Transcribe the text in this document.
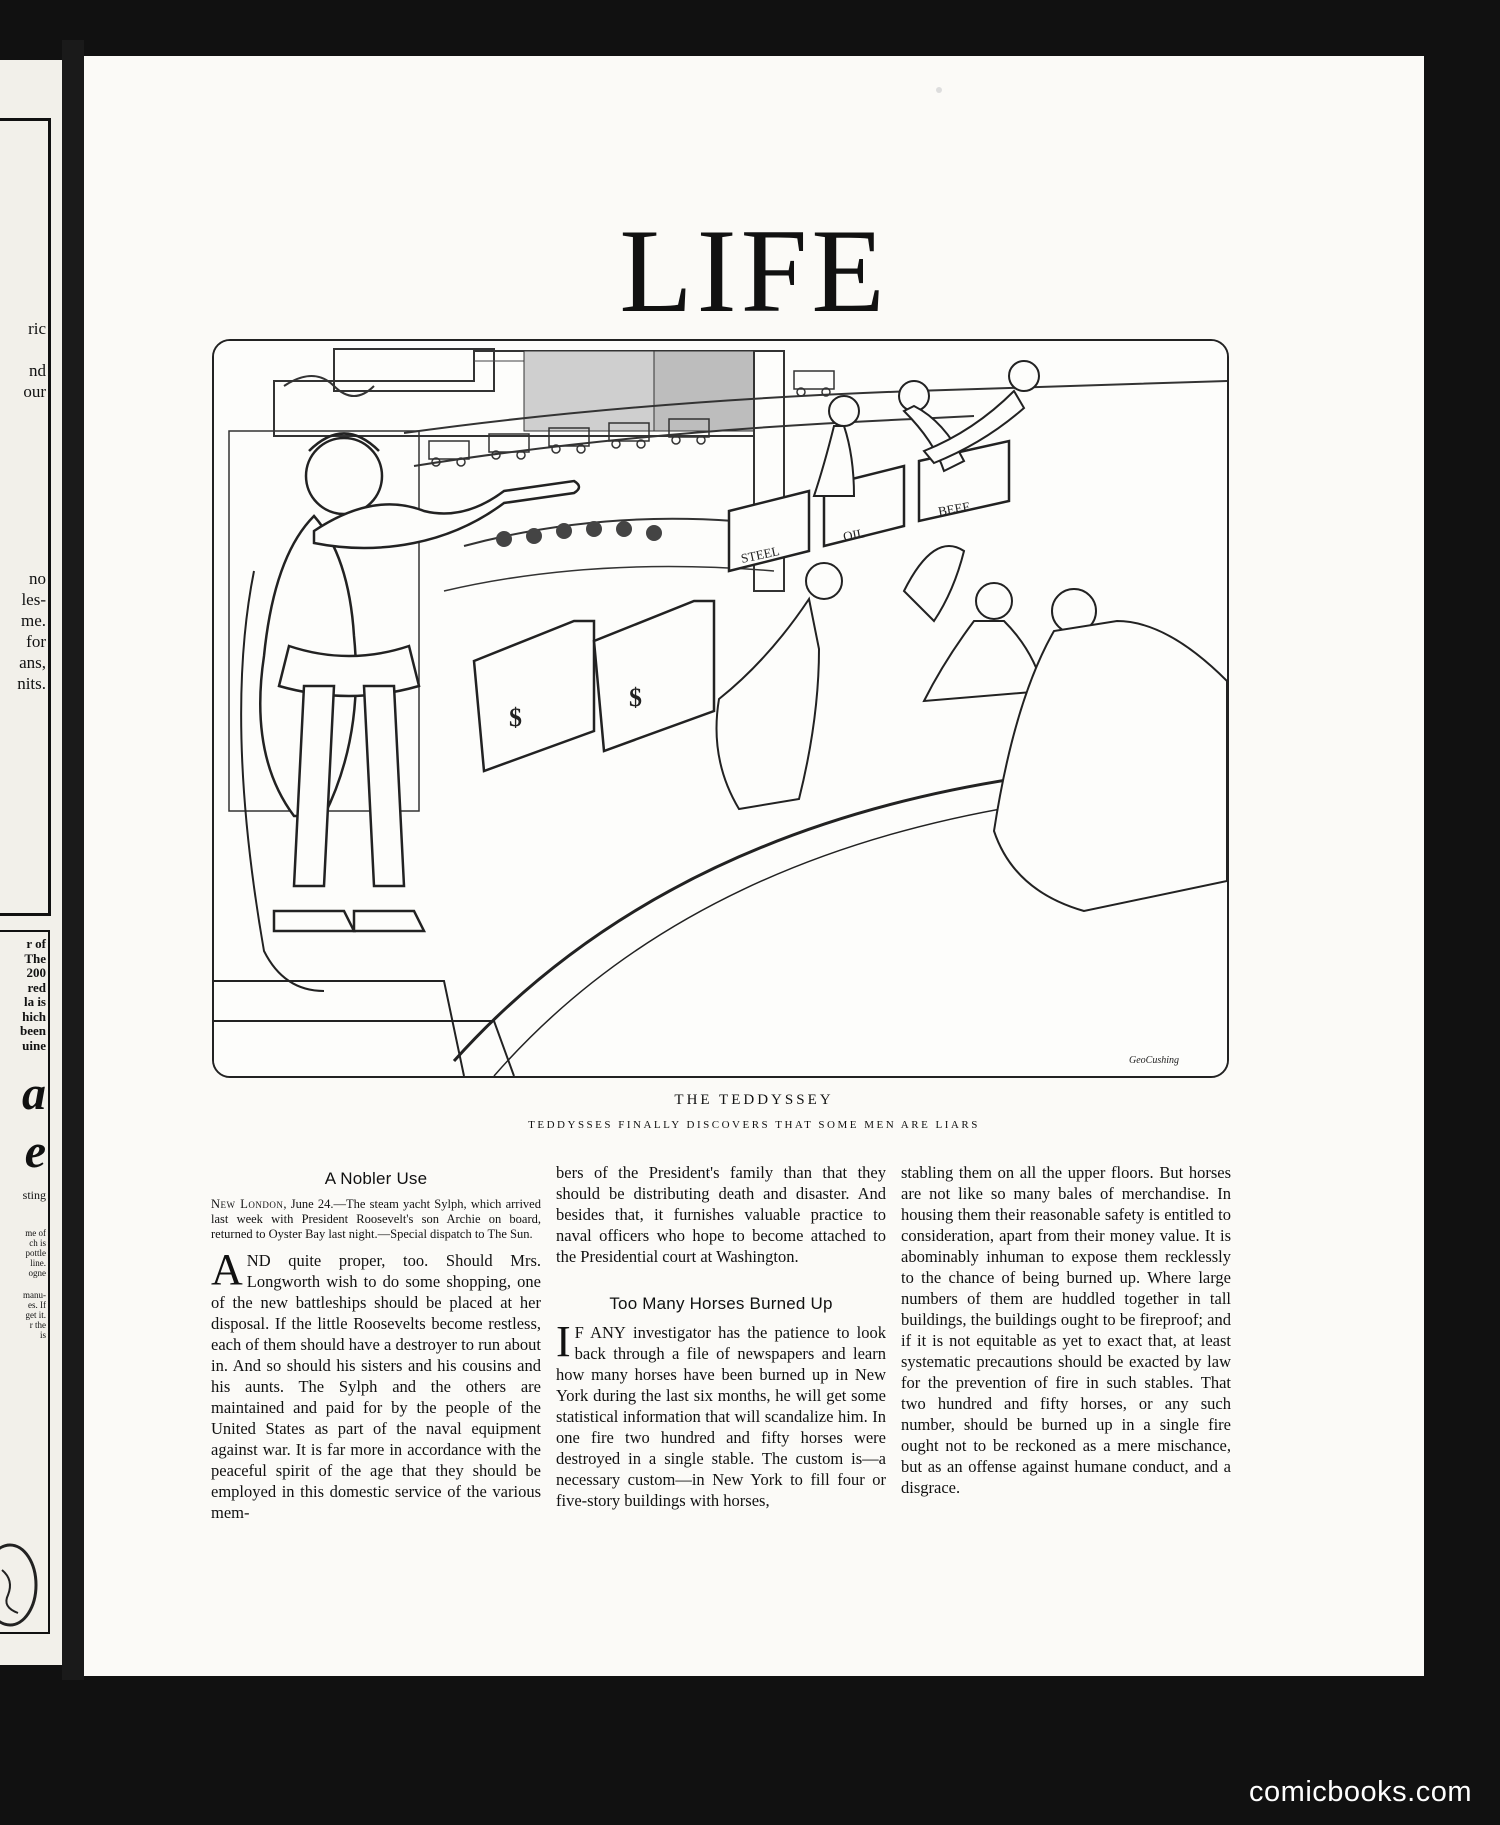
ric
nd
our
no
les-
me.
for
ans,
nits.
r of
The
200
red
la is
hich
been
uine
a
e
sting
me of
ch is
pottle
line.
ogne
manu-
es. If
get it.
r the
is
LIFE
$
$
STEEL
OIL
BEEF
GeoCushing
THE TEDDYSSEY
TEDDYSSES FINALLY DISCOVERS THAT SOME MEN ARE LIARS
A Nobler Use

New London, June 24.—The steam yacht Sylph, which arrived last week with President Roosevelt's son Archie on board, returned to Oyster Bay last night.—Special dispatch to The Sun.

AND quite proper, too. Should Mrs. Longworth wish to do some shopping, one of the new battleships should be placed at her disposal. If the little Roosevelts become restless, each of them should have a destroyer to run about in. And so should his sisters and his cousins and his aunts. The Sylph and the others are maintained and paid for by the people of the United States as part of the naval equipment against war. It is far more in accordance with the peaceful spirit of the age that they should be employed in this domestic service of the various mem-

bers of the President's family than that they should be distributing death and disaster. And besides that, it furnishes valuable practice to naval officers who hope to become attached to the Presidential court at Washington.

Too Many Horses Burned Up

I F ANY investigator has the patience to look back through a file of newspapers and learn how many horses have been burned up in New York during the last six months, he will get some statistical information that will scandalize him. In one fire two hundred and fifty horses were destroyed in a single stable. The custom is—a necessary custom—in New York to fill four or five-story buildings with horses,

stabling them on all the upper floors. But horses are not like so many bales of merchandise. In housing them their reasonable safety is entitled to consideration, apart from their money value. It is abominably inhuman to expose them recklessly to the chance of being burned up. Where large numbers of them are huddled together in tall buildings, the buildings ought to be fireproof; and if it is not equitable as yet to exact that, at least systematic precautions should be exacted by law for the prevention of fire in such stables. That two hundred and fifty horses, or any such number, should be burned up in a single fire ought not to be reckoned as a mere mischance, but as an offense against humane conduct, and a disgrace.

comicbooks.com
